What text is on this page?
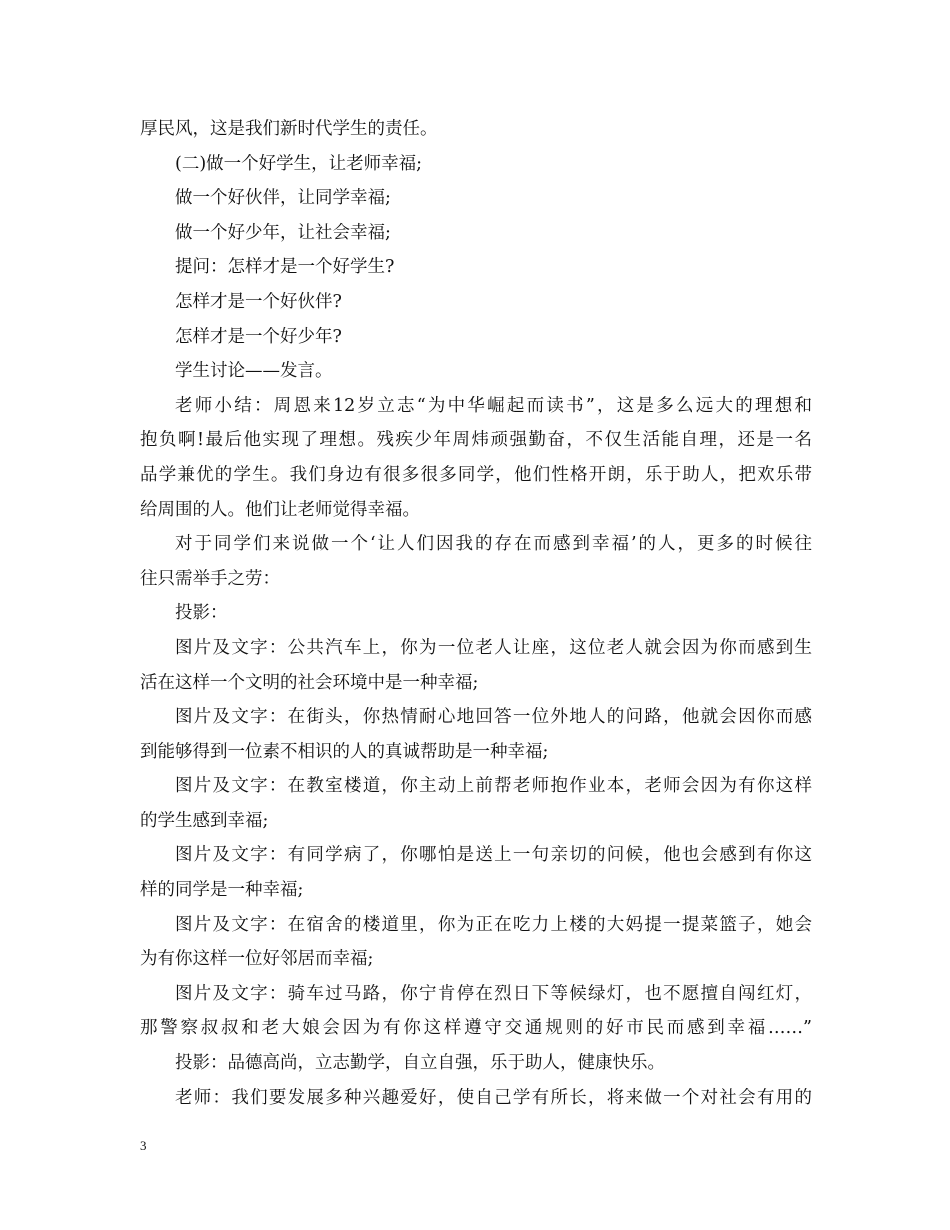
厚民风，这是我们新时代学生的责任。
(二)做一个好学生，让老师幸福;
做一个好伙伴，让同学幸福;
做一个好少年，让社会幸福;
提问：怎样才是一个好学生?
怎样才是一个好伙伴?
怎样才是一个好少年?
学生讨论——发言。
老师小结：周恩来12岁立志“为中华崛起而读书”，这是多么远大的理想和
抱负啊!最后他实现了理想。残疾少年周炜顽强勤奋，不仅生活能自理，还是一名
品学兼优的学生。我们身边有很多很多同学，他们性格开朗，乐于助人，把欢乐带
给周围的人。他们让老师觉得幸福。
对于同学们来说做一个‘让人们因我的存在而感到幸福’的人，更多的时候往
往只需举手之劳：
投影：
图片及文字：公共汽车上，你为一位老人让座，这位老人就会因为你而感到生
活在这样一个文明的社会环境中是一种幸福;
图片及文字：在街头，你热情耐心地回答一位外地人的问路，他就会因你而感
到能够得到一位素不相识的人的真诚帮助是一种幸福;
图片及文字：在教室楼道，你主动上前帮老师抱作业本，老师会因为有你这样
的学生感到幸福;
图片及文字：有同学病了，你哪怕是送上一句亲切的问候，他也会感到有你这
样的同学是一种幸福;
图片及文字：在宿舍的楼道里，你为正在吃力上楼的大妈提一提菜篮子，她会
为有你这样一位好邻居而幸福;
图片及文字：骑车过马路，你宁肯停在烈日下等候绿灯，也不愿擅自闯红灯，
那警察叔叔和老大娘会因为有你这样遵守交通规则的好市民而感到幸福……”
投影：品德高尚，立志勤学，自立自强，乐于助人，健康快乐。
老师：我们要发展多种兴趣爱好，使自己学有所长，将来做一个对社会有用的
3
